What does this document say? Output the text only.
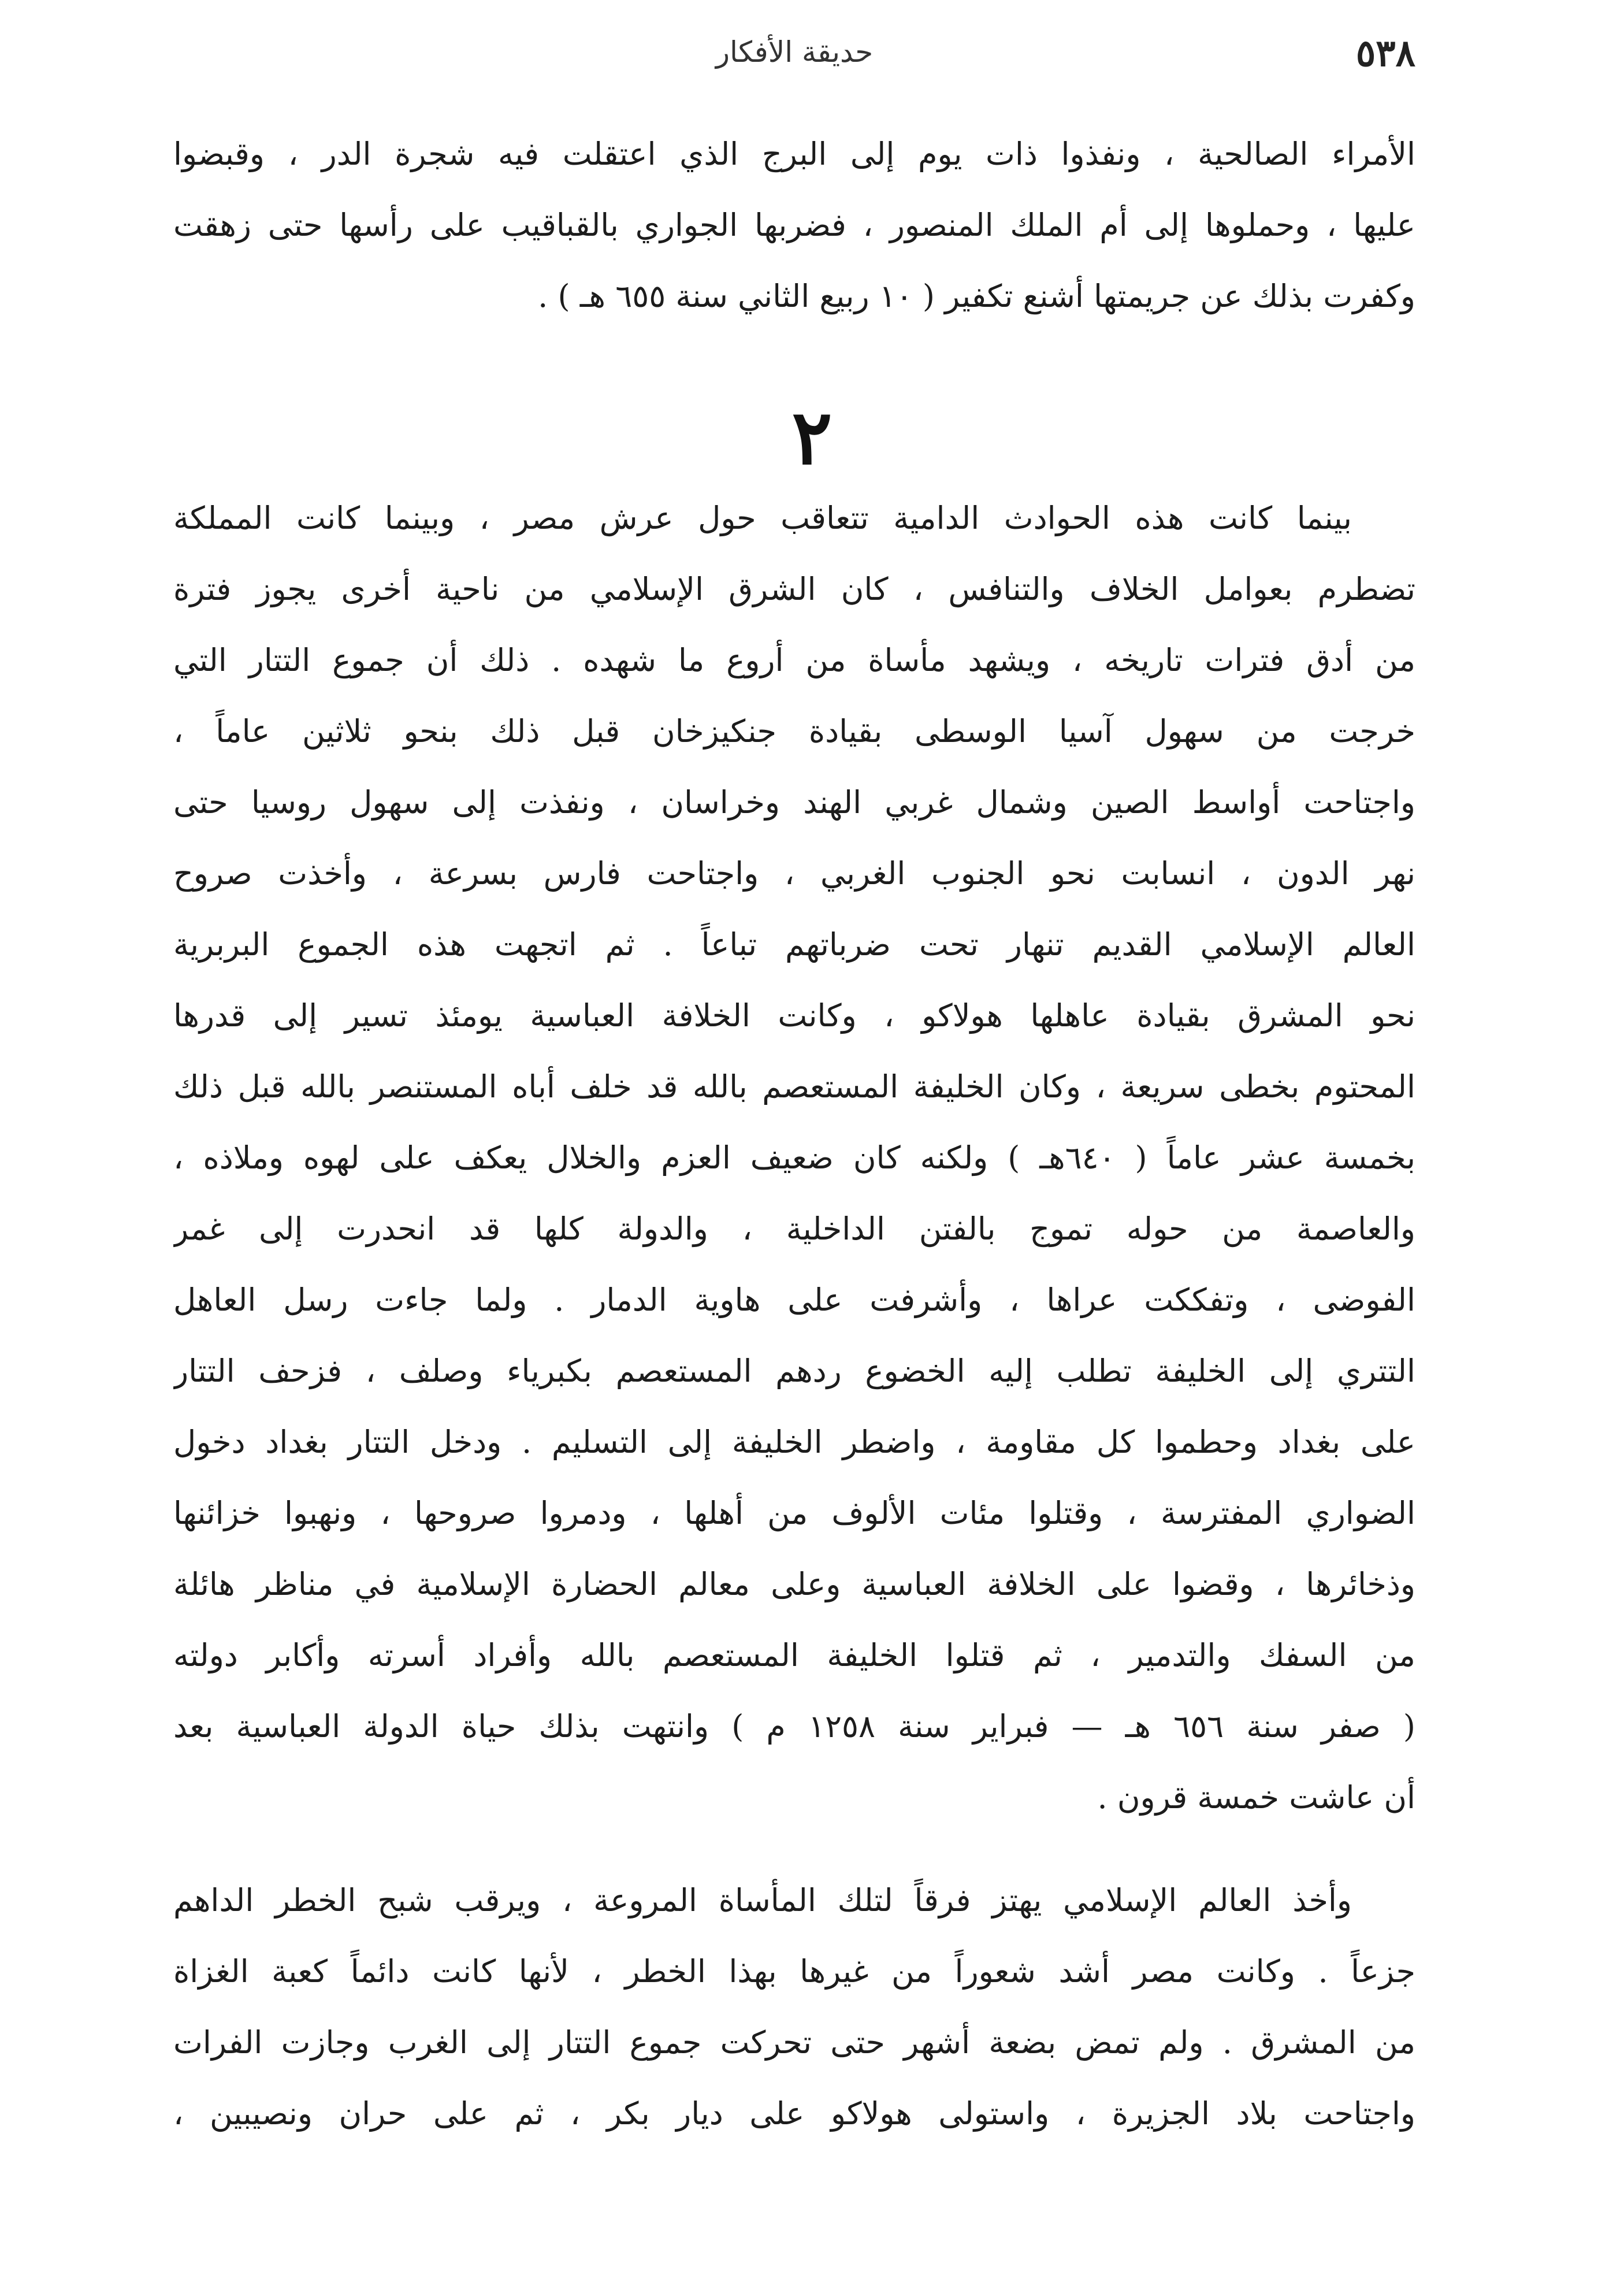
٥٣٨
حديقة الأفكار
الأمراء الصالحية ، ونفذوا ذات يوم إلى البرج الذي اعتقلت فيه شجرة الدر ، وقبضوا
عليها ، وحملوها إلى أم الملك المنصور ، فضربها الجواري بالقباقيب على رأسها حتى زهقت
وكفرت بذلك عن جريمتها أشنع تكفير ( ١٠ ربيع الثاني سنة ٦٥٥ هـ ) .
٢
بينما كانت هذه الحوادث الدامية تتعاقب حول عرش مصر ، وبينما كانت المملكة
تضطرم بعوامل الخلاف والتنافس ، كان الشرق الإسلامي من ناحية أخرى يجوز فترة
من أدق فترات تاريخه ، ويشهد مأساة من أروع ما شهده . ذلك أن جموع التتار التي
خرجت من سهول آسيا الوسطى بقيادة جنكيزخان قبل ذلك بنحو ثلاثين عاماً ،
واجتاحت أواسط الصين وشمال غربي الهند وخراسان ، ونفذت إلى سهول روسيا حتى
نهر الدون ، انسابت نحو الجنوب الغربي ، واجتاحت فارس بسرعة ، وأخذت صروح
العالم الإسلامي القديم تنهار تحت ضرباتهم تباعاً . ثم اتجهت هذه الجموع البربرية
نحو المشرق بقيادة عاهلها هولاكو ، وكانت الخلافة العباسية يومئذ تسير إلى قدرها
المحتوم بخطى سريعة ، وكان الخليفة المستعصم بالله قد خلف أباه المستنصر بالله قبل ذلك
بخمسة عشر عاماً ( ٦٤٠هـ ) ولكنه كان ضعيف العزم والخلال يعكف على لهوه وملاذه ،
والعاصمة من حوله تموج بالفتن الداخلية ، والدولة كلها قد انحدرت إلى غمر
الفوضى ، وتفككت عراها ، وأشرفت على هاوية الدمار . ولما جاءت رسل العاهل
التتري إلى الخليفة تطلب إليه الخضوع ردهم المستعصم بكبرياء وصلف ، فزحف التتار
على بغداد وحطموا كل مقاومة ، واضطر الخليفة إلى التسليم . ودخل التتار بغداد دخول
الضواري المفترسة ، وقتلوا مئات الألوف من أهلها ، ودمروا صروحها ، ونهبوا خزائنها
وذخائرها ، وقضوا على الخلافة العباسية وعلى معالم الحضارة الإسلامية في مناظر هائلة
من السفك والتدمير ، ثم قتلوا الخليفة المستعصم بالله وأفراد أسرته وأكابر دولته
( صفر سنة ٦٥٦ هـ — فبراير سنة ١٢٥٨ م ) وانتهت بذلك حياة الدولة العباسية بعد
أن عاشت خمسة قرون .
وأخذ العالم الإسلامي يهتز فرقاً لتلك المأساة المروعة ، ويرقب شبح الخطر الداهم
جزعاً . وكانت مصر أشد شعوراً من غيرها بهذا الخطر ، لأنها كانت دائماً كعبة الغزاة
من المشرق . ولم تمض بضعة أشهر حتى تحركت جموع التتار إلى الغرب وجازت الفرات
واجتاحت بلاد الجزيرة ، واستولى هولاكو على ديار بكر ، ثم على حران ونصيبين ،
